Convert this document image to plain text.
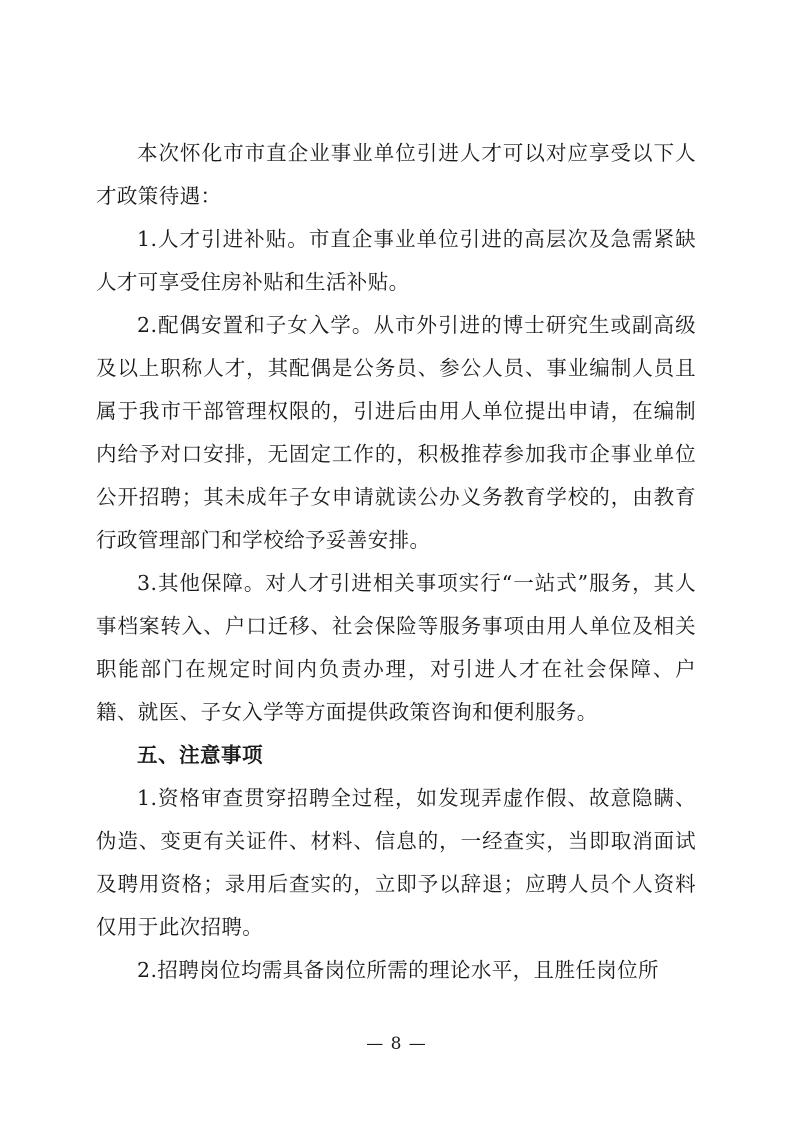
本次怀化市市直企业事业单位引进人才可以对应享受以下人才政策待遇：

1.人才引进补贴。市直企事业单位引进的高层次及急需紧缺人才可享受住房补贴和生活补贴。

2.配偶安置和子女入学。从市外引进的博士研究生或副高级及以上职称人才，其配偶是公务员、参公人员、事业编制人员且属于我市干部管理权限的，引进后由用人单位提出申请，在编制内给予对口安排，无固定工作的，积极推荐参加我市企事业单位公开招聘；其未成年子女申请就读公办义务教育学校的，由教育行政管理部门和学校给予妥善安排。

3.其他保障。对人才引进相关事项实行“一站式”服务，其人事档案转入、户口迁移、社会保险等服务事项由用人单位及相关职能部门在规定时间内负责办理，对引进人才在社会保障、户籍、就医、子女入学等方面提供政策咨询和便利服务。

五、注意事项

1.资格审查贯穿招聘全过程，如发现弄虚作假、故意隐瞒、伪造、变更有关证件、材料、信息的，一经查实，当即取消面试及聘用资格；录用后查实的，立即予以辞退；应聘人员个人资料仅用于此次招聘。

2.招聘岗位均需具备岗位所需的理论水平，且胜任岗位所

— 8 —
